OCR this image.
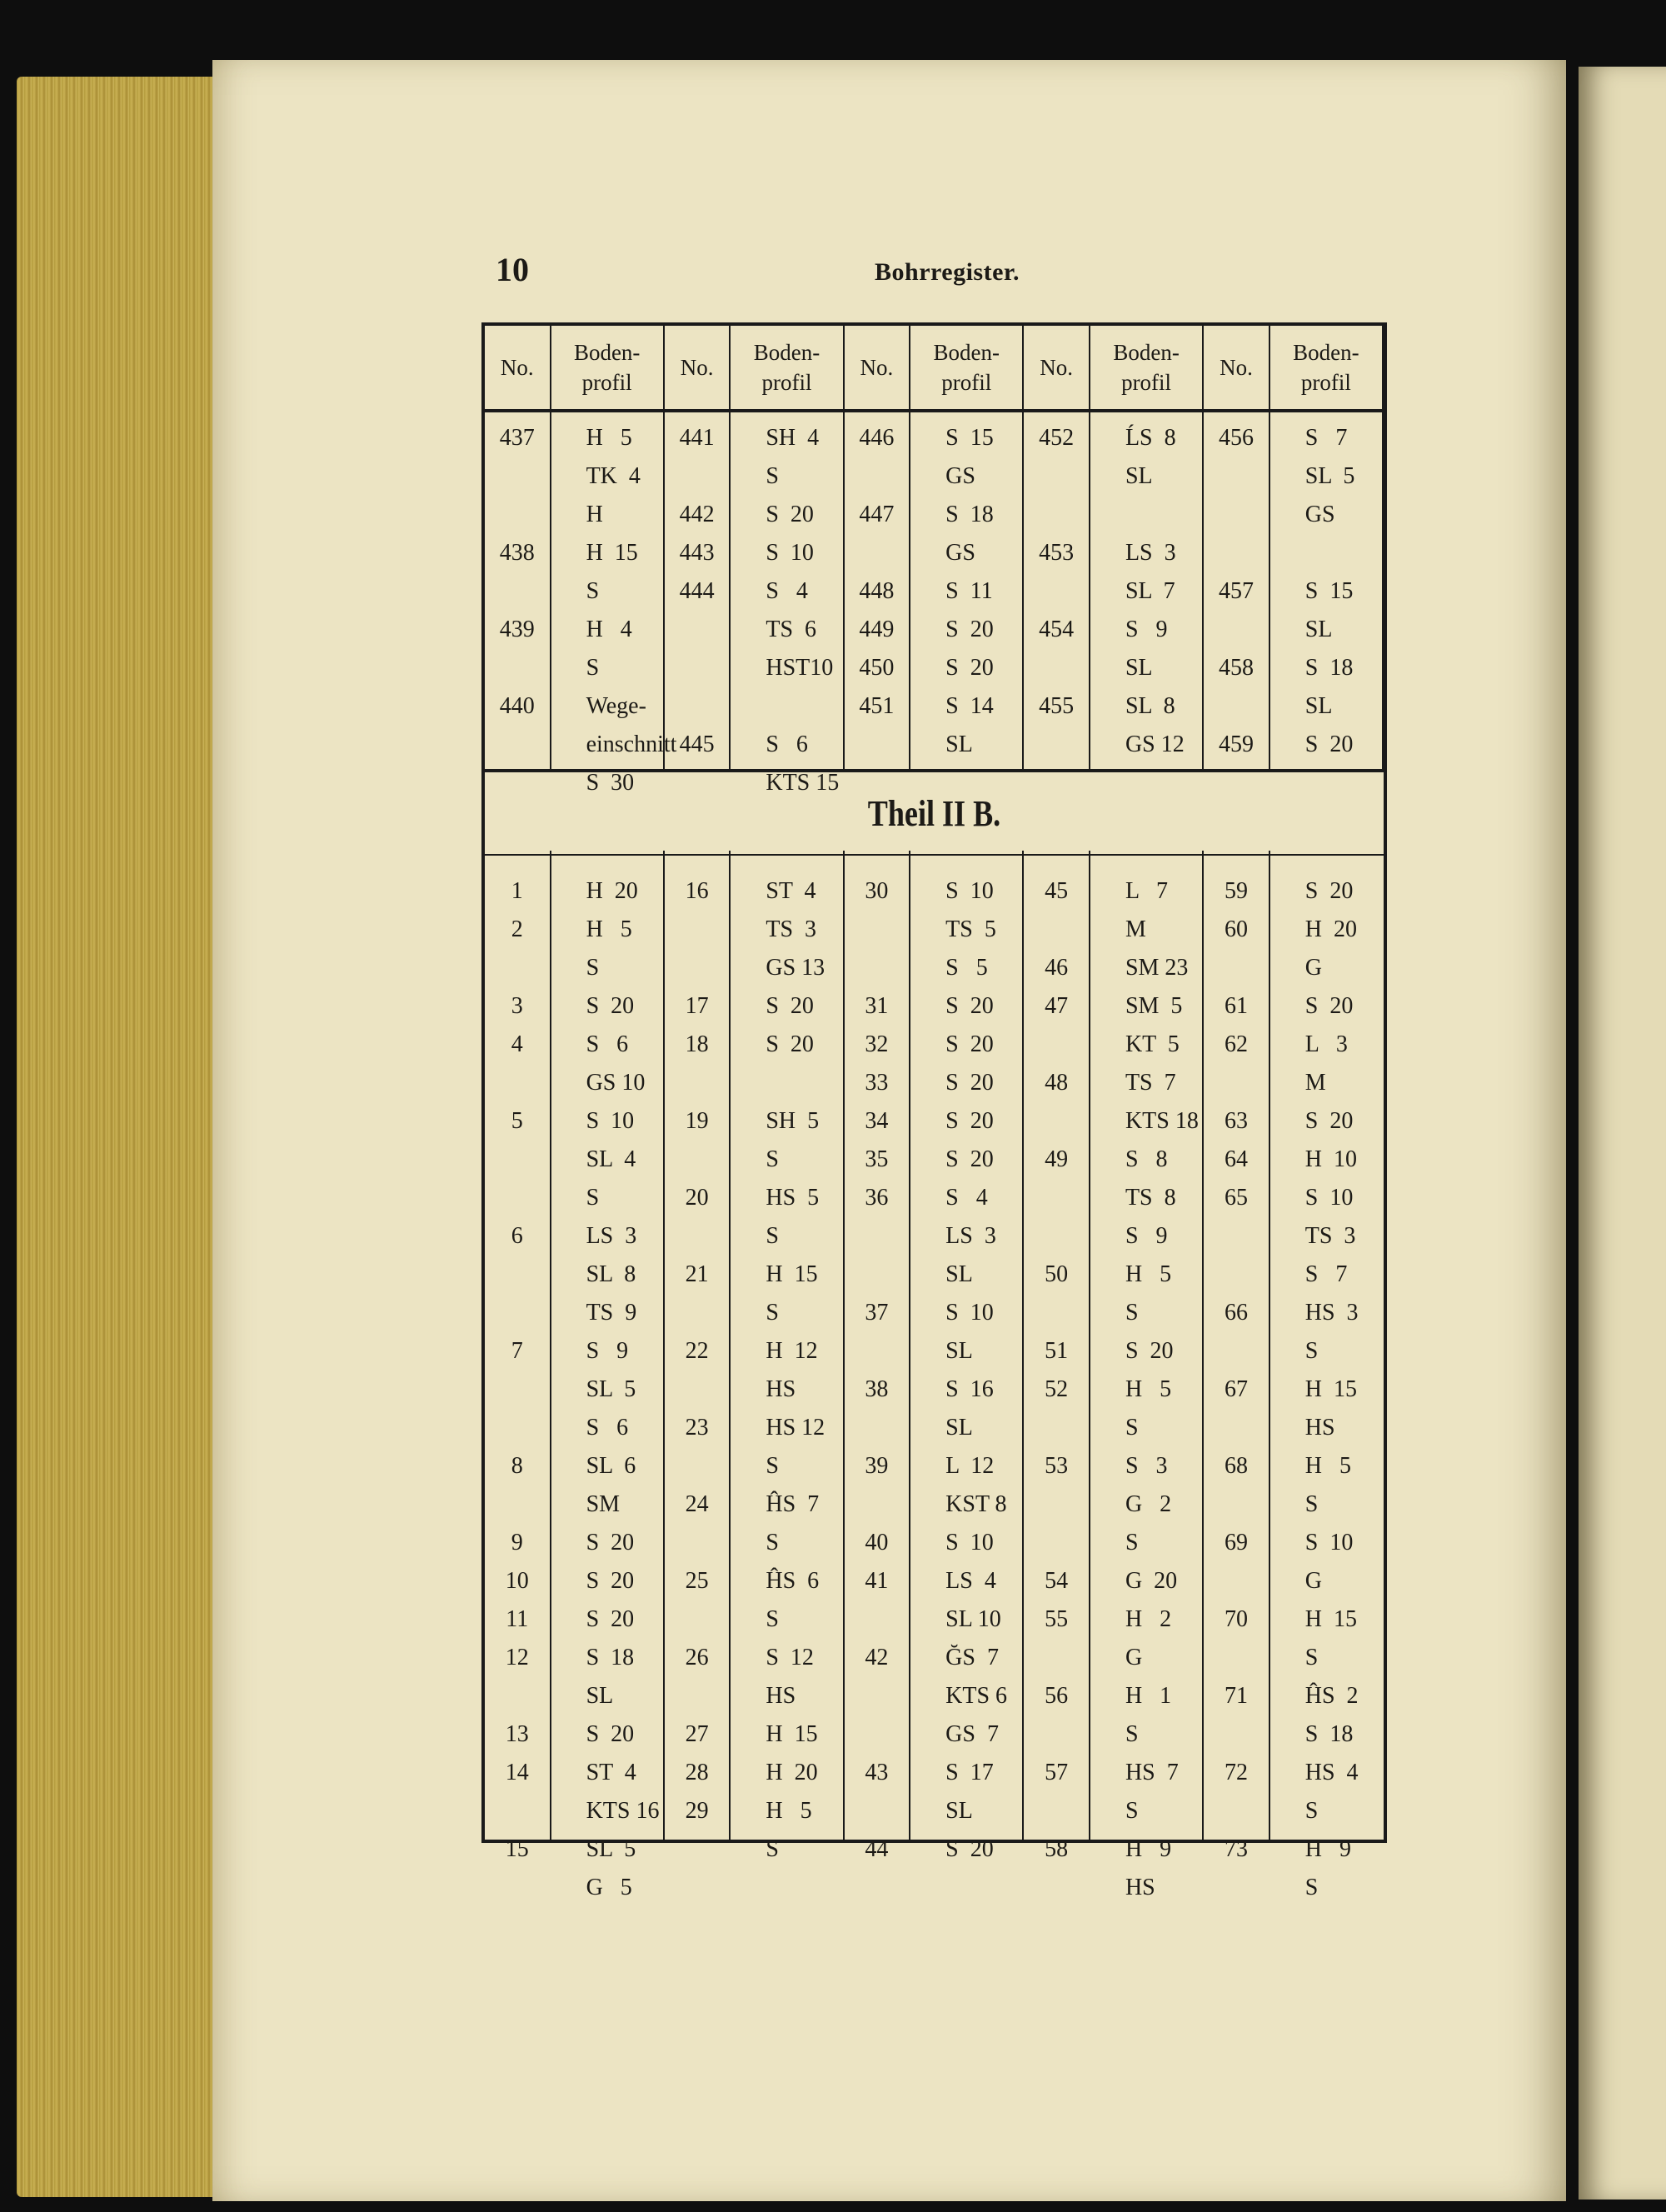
10	Bohrregister.
No.
437
438
439
440
Boden-
profil
H   5
TK  4
H
H  15
S
H   4
S
Wege-
einschnitt
S  30
No.
441
442
443
444
445
Boden-
profil
SH  4
S
S  20
S  10
S   4
TS  6
HST10
S   6
KTS 15
No.
446
447
448
449
450
451
Boden-
profil
S  15
GS
S  18
GS
S  11
S  20
S  20
S  14
SL
No.
452
453
454
455
Boden-
profil
ĹS  8
SL
LS  3
SL  7
S   9
SL
SL  8
GS 12
No.
456
457
458
459
Boden-
profil
S   7
SL  5
GS
S  15
SL
S  18
SL
S  20
Theil II B.
1
2
3
4
5
6
7
8
9
10
11
12
13
14
15
H  20
H   5
S
S  20
S   6
GS 10
S  10
SL  4
S
LS  3
SL  8
TS  9
S   9
SL  5
S   6
SL  6
SM
S  20
S  20
S  20
S  18
SL
S  20
ST  4
KTS 16
SL  5
G   5
16
17
18
19
20
21
22
23
24
25
26
27
28
29
ST  4
TS  3
GS 13
S  20
S  20
SH  5
S
HS  5
S
H  15
S
H  12
HS
HS 12
S
ĤS  7
S
ĤS  6
S
S  12
HS
H  15
H  20
H   5
S
30
31
32
33
34
35
36
37
38
39
40
41
42
43
44
S  10
TS  5
S   5
S  20
S  20
S  20
S  20
S  20
S   4
LS  3
SL
S  10
SL
S  16
SL
L  12
KST 8
S  10
LS  4
SL 10
ĞS  7
KTS 6
GS  7
S  17
SL
S  20
45
46
47
48
49
50
51
52
53
54
55
56
57
58
L   7
M
SM 23
SM  5
KT  5
TS  7
KTS 18
S   8
TS  8
S   9
H   5
S
S  20
H   5
S
S   3
G   2
S
G  20
H   2
G
H   1
S
HS  7
S
H   9
HS
59
60
61
62
63
64
65
66
67
68
69
70
71
72
73
S  20
H  20
G
S  20
L   3
M
S  20
H  10
S  10
TS  3
S   7
HS  3
S
H  15
HS
H   5
S
S  10
G
H  15
S
ĤS  2
S  18
HS  4
S
H   9
S
